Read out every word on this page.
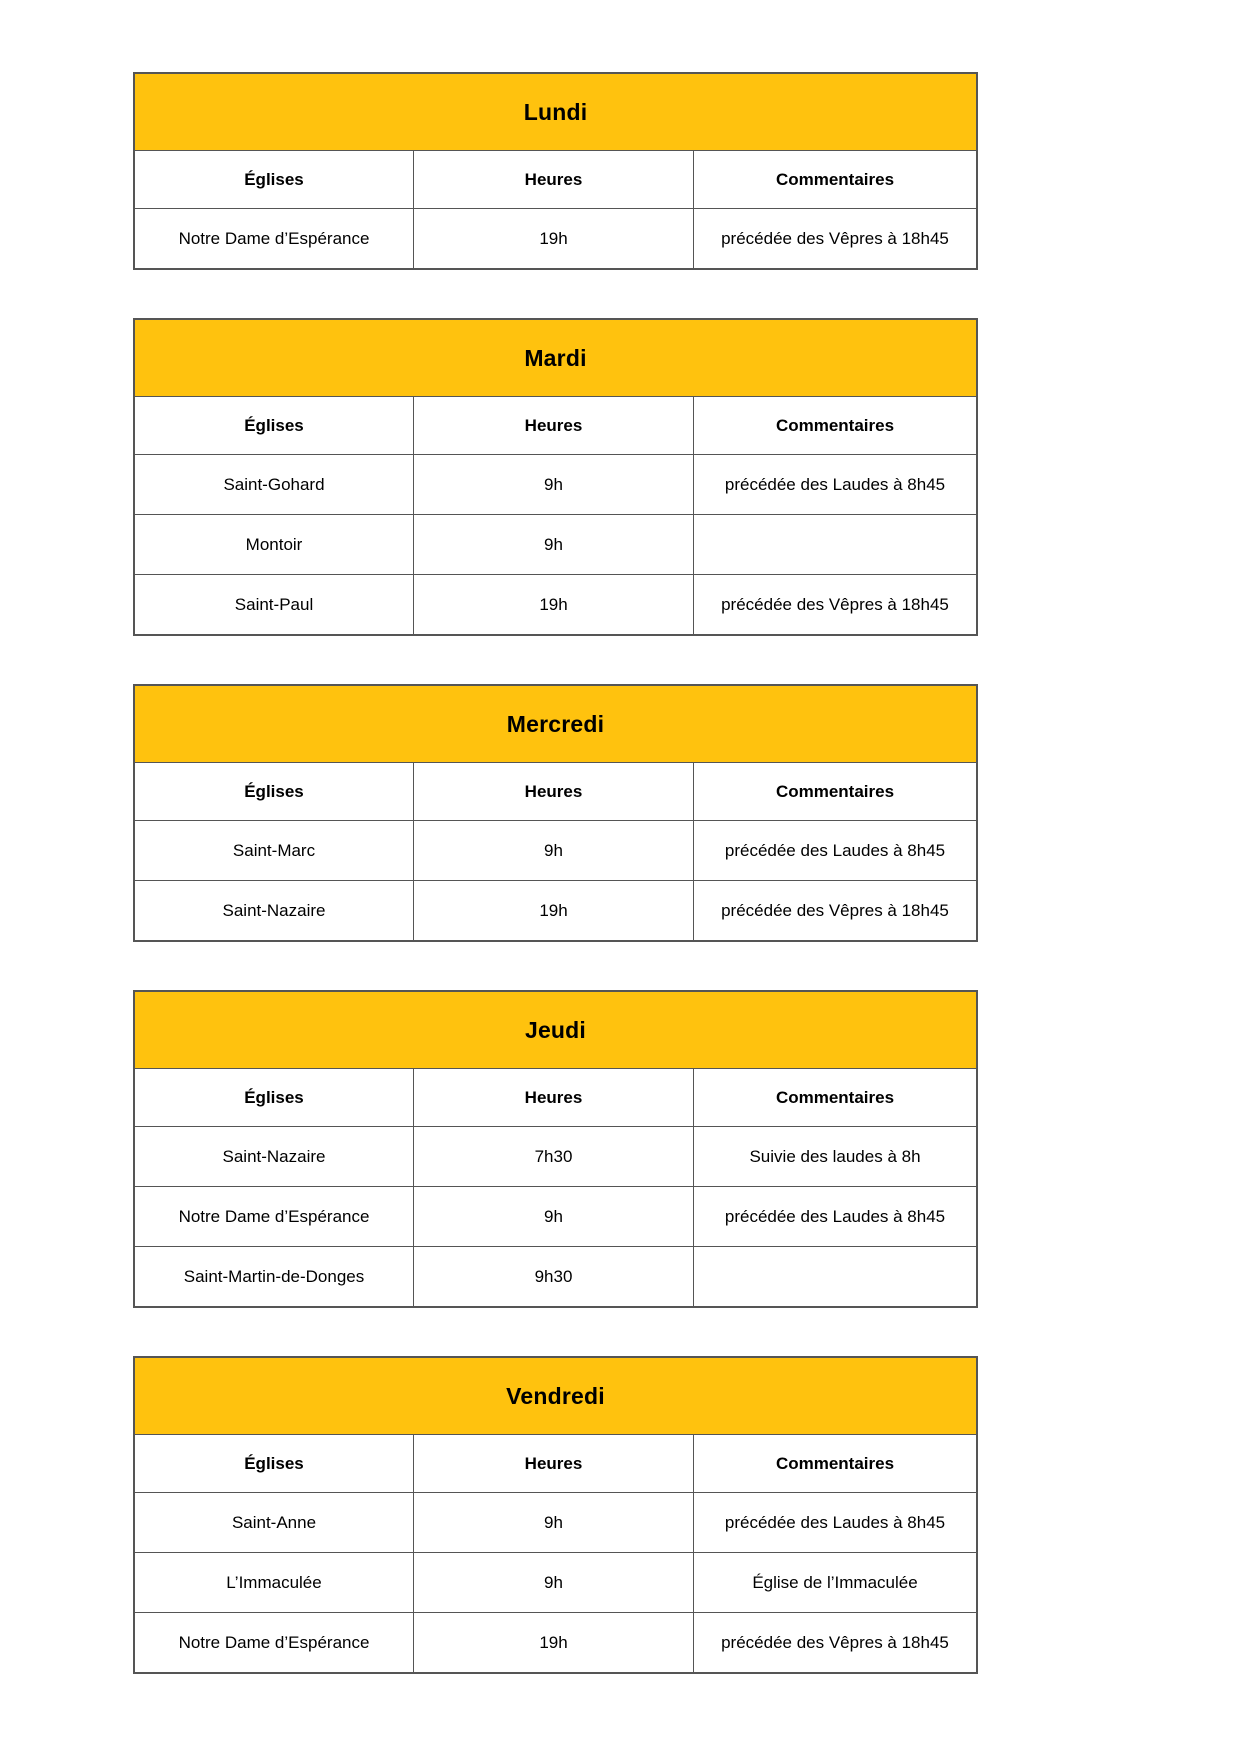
Lundi
Églises	Heures	Commentaires
Notre Dame d’Espérance	19h	précédée des Vêpres à 18h45
Mardi
Églises	Heures	Commentaires
Saint-Gohard	9h	précédée des Laudes à 8h45
Montoir	9h
Saint-Paul	19h	précédée des Vêpres à 18h45
Mercredi
Églises	Heures	Commentaires
Saint-Marc	9h	précédée des Laudes à 8h45
Saint-Nazaire	19h	précédée des Vêpres à 18h45
Jeudi
Églises	Heures	Commentaires
Saint-Nazaire	7h30	Suivie des laudes à 8h
Notre Dame d’Espérance	9h	précédée des Laudes à 8h45
Saint-Martin-de-Donges	9h30
Vendredi
Églises	Heures	Commentaires
Saint-Anne	9h	précédée des Laudes à 8h45
L’Immaculée	9h	Église de l’Immaculée
Notre Dame d’Espérance	19h	précédée des Vêpres à 18h45
